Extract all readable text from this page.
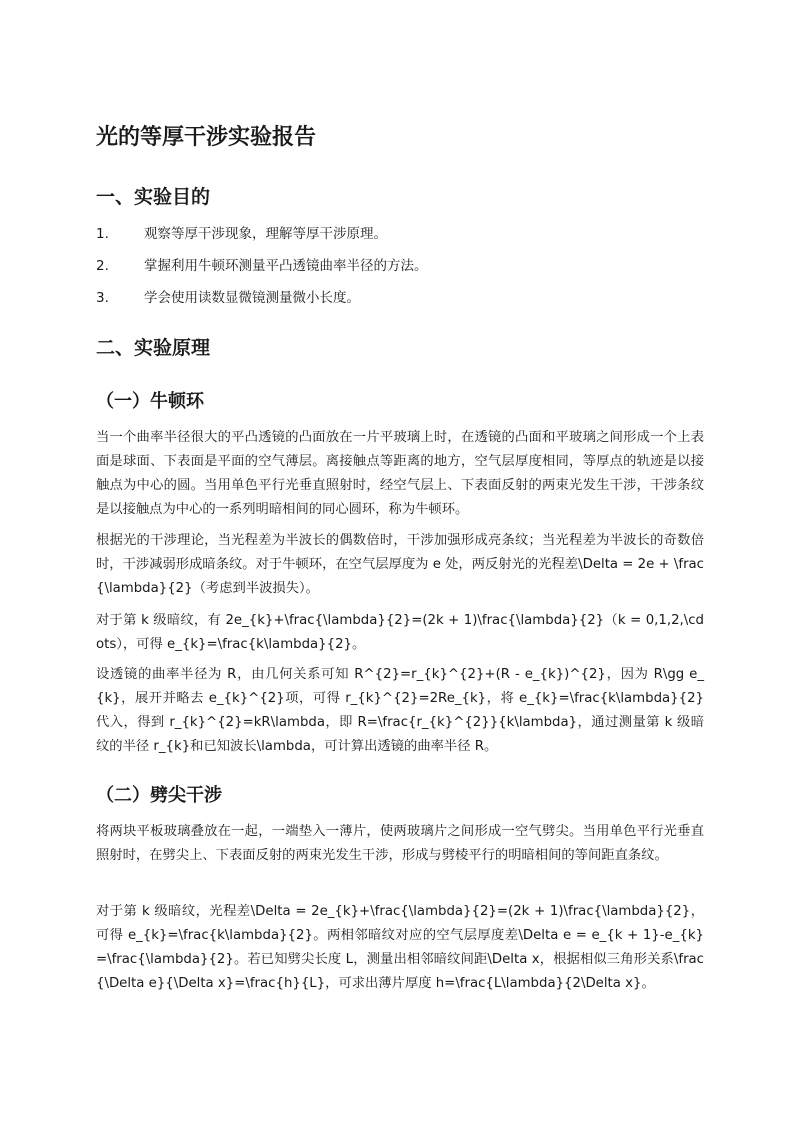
光的等厚干涉实验报告
一、实验目的
1.	观察等厚干涉现象，理解等厚干涉原理。
2.	掌握利用牛顿环测量平凸透镜曲率半径的方法。
3.	学会使用读数显微镜测量微小长度。
二、实验原理
（一）牛顿环

当一个曲率半径很大的平凸透镜的凸面放在一片平玻璃上时，在透镜的凸面和平玻璃之间形成一个上表面是球面、下表面是平面的空气薄层。离接触点等距离的地方，空气层厚度相同，等厚点的轨迹是以接触点为中心的圆。当用单色平行光垂直照射时，经空气层上、下表面反射的两束光发生干涉，干涉条纹是以接触点为中心的一系列明暗相间的同心圆环，称为牛顿环。

根据光的干涉理论，当光程差为半波长的偶数倍时，干涉加强形成亮条纹；当光程差为半波长的奇数倍时，干涉减弱形成暗条纹。对于牛顿环，在空气层厚度为 e 处，两反射光的光程差\Delta = 2e + \frac{\lambda}{2}（考虑到半波损失）。

对于第 k 级暗纹，有 2e_{k}+\frac{\lambda}{2}=(2k + 1)\frac{\lambda}{2}（k = 0,1,2,\cdots），可得 e_{k}=\frac{k\lambda}{2}。

设透镜的曲率半径为 R，由几何关系可知 R^{2}=r_{k}^{2}+(R - e_{k})^{2}，因为 R\gg e_{k}，展开并略去 e_{k}^{2}项，可得 r_{k}^{2}=2Re_{k}，将 e_{k}=\frac{k\lambda}{2}代入，得到 r_{k}^{2}=kR\lambda，即 R=\frac{r_{k}^{2}}{k\lambda}，通过测量第 k 级暗纹的半径 r_{k}和已知波长\lambda，可计算出透镜的曲率半径 R。

（二）劈尖干涉

将两块平板玻璃叠放在一起，一端垫入一薄片，使两玻璃片之间形成一空气劈尖。当用单色平行光垂直照射时，在劈尖上、下表面反射的两束光发生干涉，形成与劈棱平行的明暗相间的等间距直条纹。

对于第 k 级暗纹，光程差\Delta = 2e_{k}+\frac{\lambda}{2}=(2k + 1)\frac{\lambda}{2}，可得 e_{k}=\frac{k\lambda}{2}。两相邻暗纹对应的空气层厚度差\Delta e = e_{k + 1}-e_{k}=\frac{\lambda}{2}。若已知劈尖长度 L，测量出相邻暗纹间距\Delta x，根据相似三角形关系\frac{\Delta e}{\Delta x}=\frac{h}{L}，可求出薄片厚度 h=\frac{L\lambda}{2\Delta x}。
